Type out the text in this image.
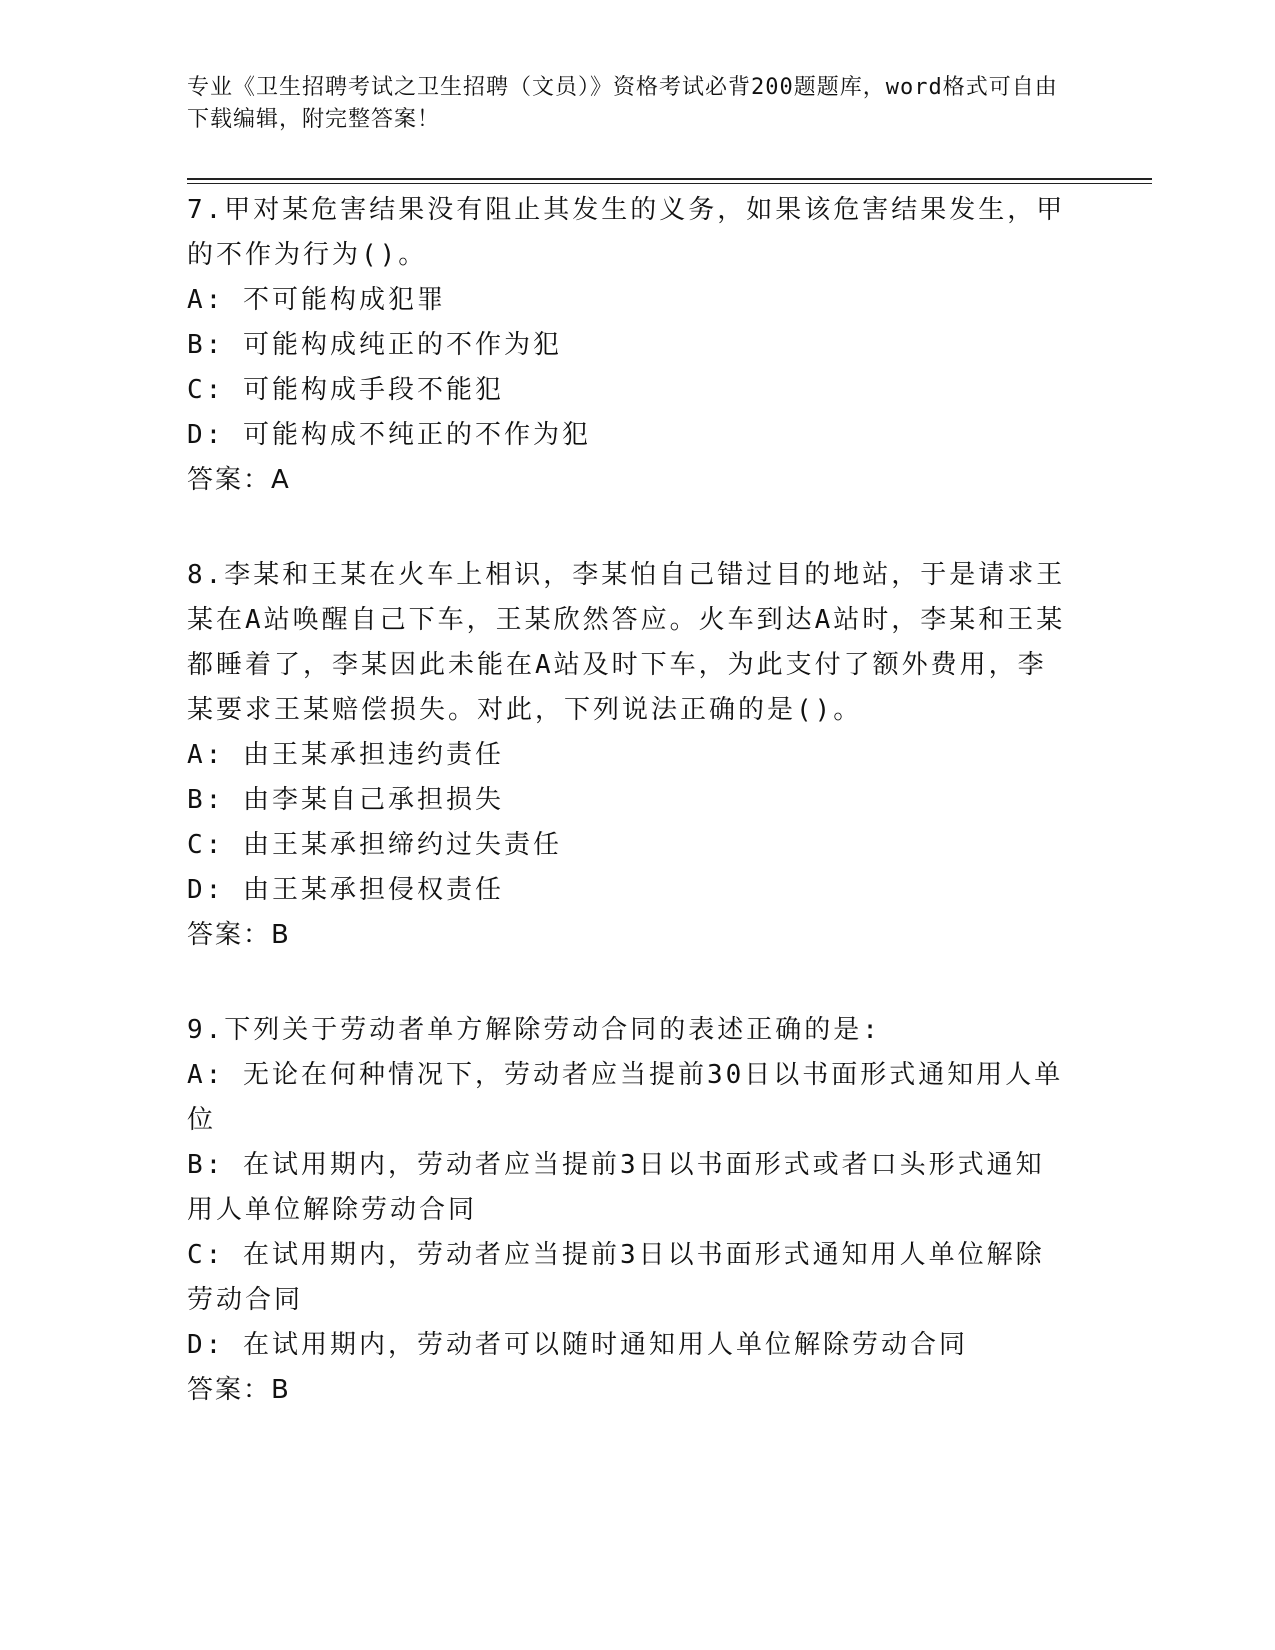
专业《卫生招聘考试之卫生招聘（文员）》资格考试必背200题题库，word格式可自由下载编辑，附完整答案！

7.甲对某危害结果没有阻止其发生的义务，如果该危害结果发生，甲的不作为行为()。

A: 不可能构成犯罪

B: 可能构成纯正的不作为犯

C: 可能构成手段不能犯

D: 可能构成不纯正的不作为犯

答案：A

8.李某和王某在火车上相识，李某怕自己错过目的地站，于是请求王某在A站唤醒自己下车，王某欣然答应。火车到达A站时，李某和王某都睡着了，李某因此未能在A站及时下车，为此支付了额外费用，李某要求王某赔偿损失。对此，下列说法正确的是()。

A: 由王某承担违约责任

B: 由李某自己承担损失

C: 由王某承担缔约过失责任

D: 由王某承担侵权责任

答案：B

9.下列关于劳动者单方解除劳动合同的表述正确的是:

A: 无论在何种情况下，劳动者应当提前30日以书面形式通知用人单位

B: 在试用期内，劳动者应当提前3日以书面形式或者口头形式通知用人单位解除劳动合同

C: 在试用期内，劳动者应当提前3日以书面形式通知用人单位解除劳动合同

D: 在试用期内，劳动者可以随时通知用人单位解除劳动合同

答案：B
